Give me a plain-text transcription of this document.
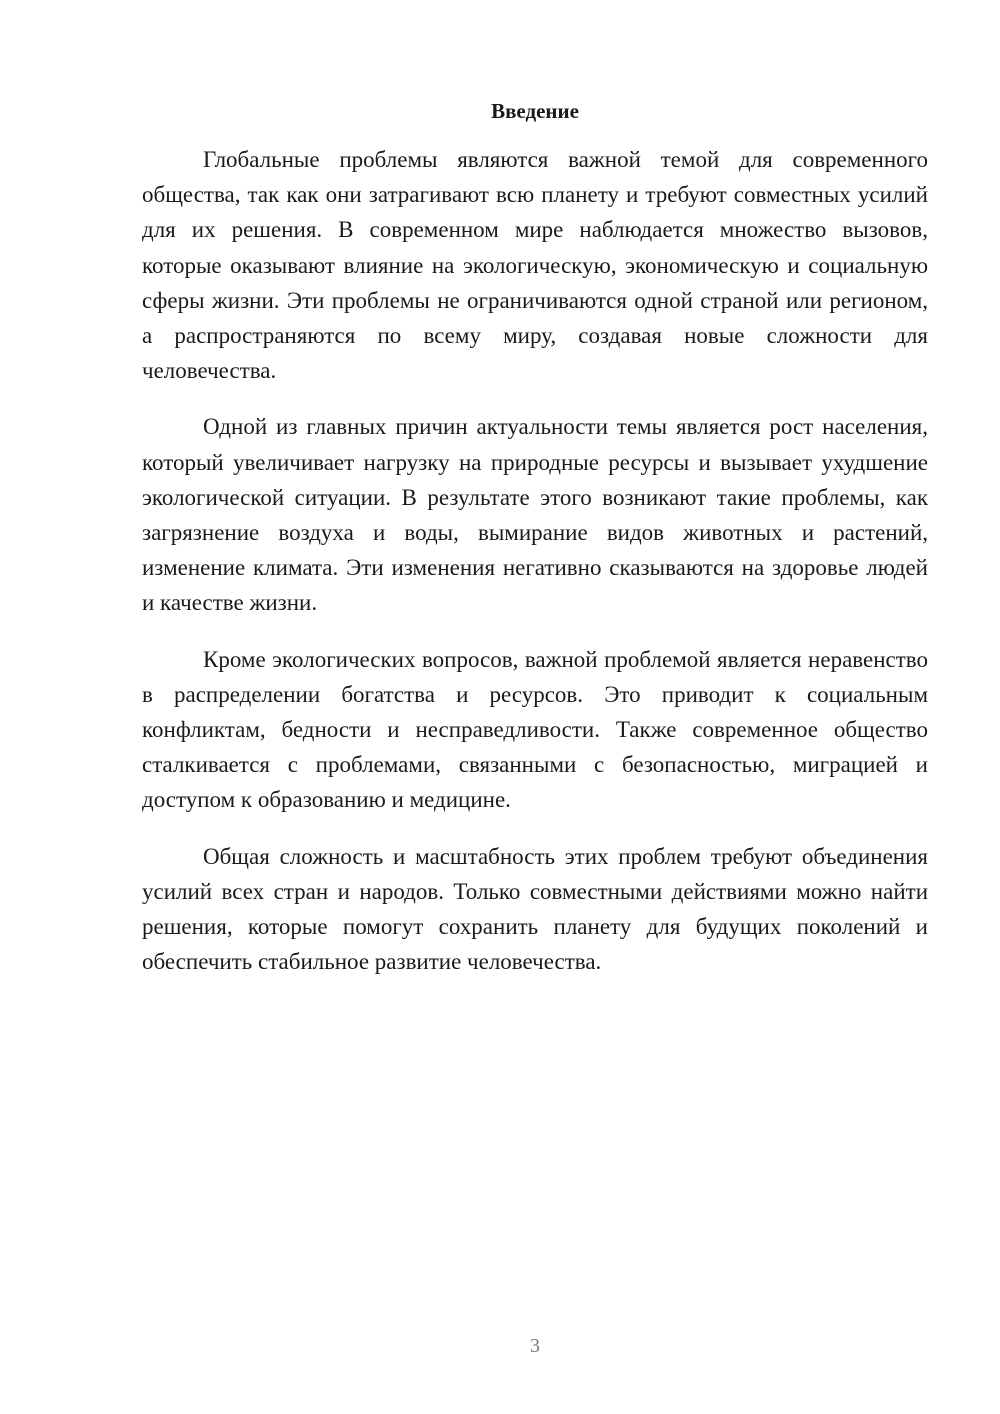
Введение

Глобальные проблемы являются важной темой для современного общества, так как они затрагивают всю планету и требуют совместных усилий для их решения. В современном мире наблюдается множество вызовов, которые оказывают влияние на экологическую, экономическую и социальную сферы жизни. Эти проблемы не ограничиваются одной страной или регионом, а распространяются по всему миру, создавая новые сложности для человечества.

Одной из главных причин актуальности темы является рост населения, который увеличивает нагрузку на природные ресурсы и вызывает ухудшение экологической ситуации. В результате этого возникают такие проблемы, как загрязнение воздуха и воды, вымирание видов животных и растений, изменение климата. Эти изменения негативно сказываются на здоровье людей и качестве жизни.

Кроме экологических вопросов, важной проблемой является неравенство в распределении богатства и ресурсов. Это приводит к социальным конфликтам, бедности и несправедливости. Также современное общество сталкивается с проблемами, связанными с безопасностью, миграцией и доступом к образованию и медицине.

Общая сложность и масштабность этих проблем требуют объединения усилий всех стран и народов. Только совместными действиями можно найти решения, которые помогут сохранить планету для будущих поколений и обеспечить стабильное развитие человечества.

3
